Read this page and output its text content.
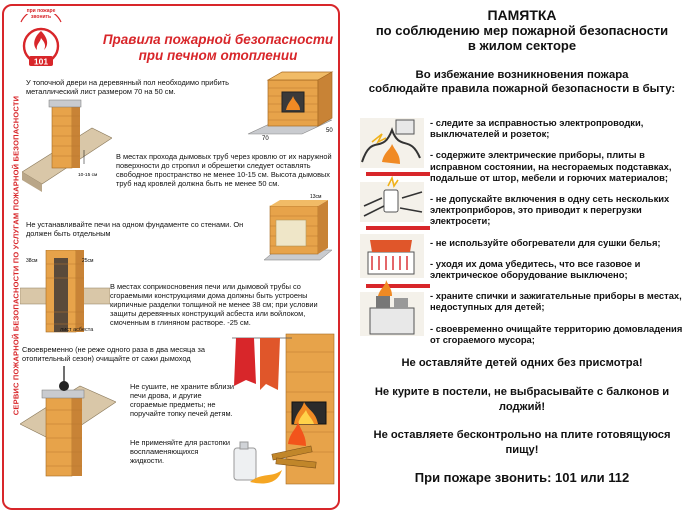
СЕРВИС ПОЖАРНОЙ БЕЗОПАСНОСТИ ПО УСЛУГАМ ПОЖАРНОЙ БЕЗОПАСНОСТИ
101
при пожаре звонить
Правила пожарной безопасности
при печном отоплении
У топочной двери на деревянный пол необходимо прибить металлический лист размером 70 на 50 см.
70
50
10-15 см
В местах прохода дымовых труб через кровлю от их наружной поверхности до стропил и обрешетки следует оставлять свободное пространство не менее 10-15 см. Высота дымовых труб над кровлей должна быть не менее 50 см.
13см
Не устанавливайте печи на одном фундаменте со стенами. Он должен быть отдельным
38см	25см
лист асбеста
В местах соприкосновения печи или дымовой трубы со сгораемыми конструкциями дома должны быть устроены кирпичные разделки толщиной не менее 38 см; при условии защиты деревянных конструкций асбеста или войлоком, смоченным в глиняном растворе. -25 см.
Своевременно (не реже одного раза в два месяца за отопительный сезон) очищайте от сажи дымоход
Не сушите, не храните вблизи печи дрова, и другие сгораемые предметы; не поручайте топку печей детям.
Не применяйте для растопки воспламеняющихся жидкости.
ПАМЯТКА
по соблюдению мер пожарной безопасности
в жилом секторе
Во избежание возникновения пожара
соблюдайте правила пожарной безопасности в быту:
- следите за исправностью электропроводки, выключателей и розеток;
- содержите электрические приборы, плиты в исправном состоянии, на несгораемых подставках, подальше от штор, мебели и горючих материалов;
- не допускайте включения в одну сеть нескольких электроприборов, это приводит к перегрузки электросети;
- не используйте обогреватели для сушки белья;
- уходя их дома убедитесь, что все газовое и электрическое оборудование выключено;
- храните спички и зажигательные приборы в местах, недоступных для детей;
- своевременно очищайте территорию домовладения от сгораемого мусора;
Не оставляйте детей одних без присмотра!
Не курите в постели, не выбрасывайте с балконов и
лоджий!
Не оставляете бесконтрольно на плите готовящуюся
пищу!
При пожаре звонить: 101 или 112
